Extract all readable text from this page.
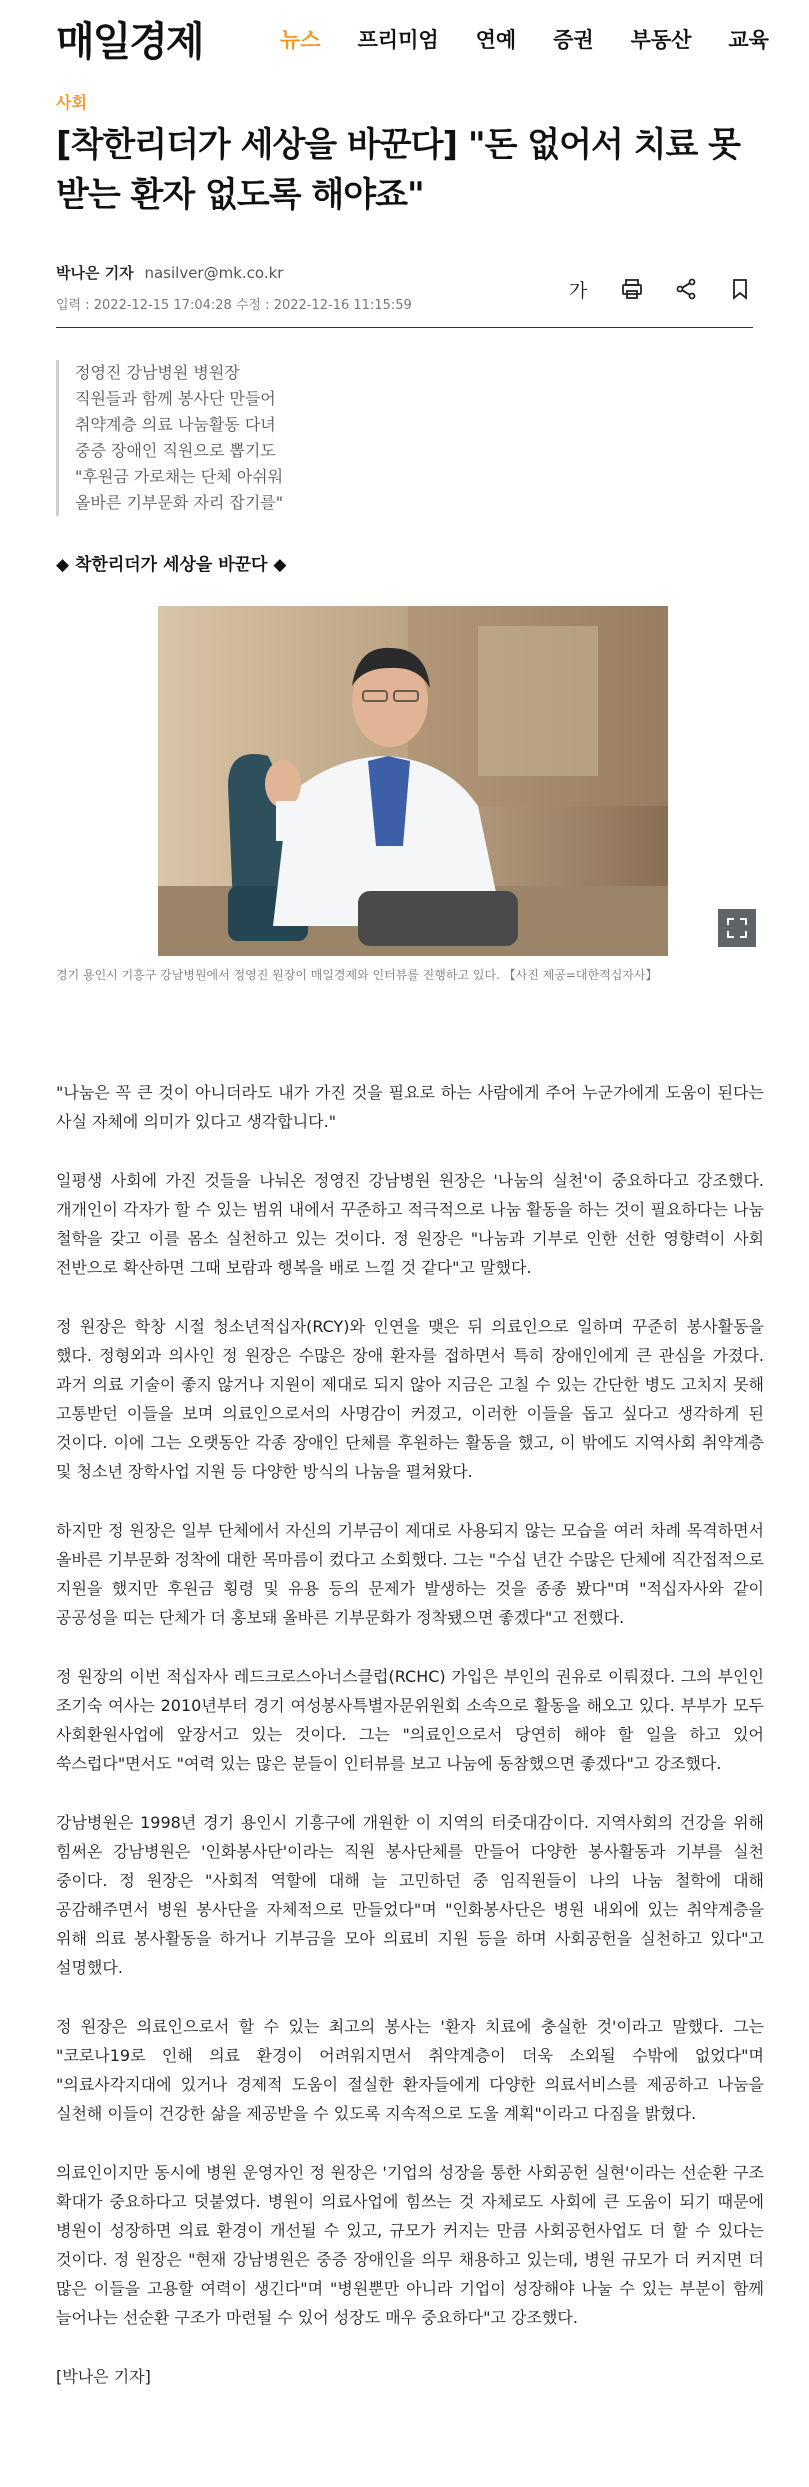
매일경제	뉴스 프리미엄 연예 증권 부동산 교육
사회
[착한리더가 세상을 바꾼다] "돈 없어서 치료 못받는 환자 없도록 해야죠"
박나은 기자 nasilver@mk.co.kr
입력 : 2022-12-15 17:04:28 수정 : 2022-12-16 11:15:59
가
정영진 강남병원 병원장
직원들과 함께 봉사단 만들어
취약계층 의료 나눔활동 다녀
중증 장애인 직원으로 뽑기도
"후원금 가로채는 단체 아쉬워
올바른 기부문화 자리 잡기를"
◆ 착한리더가 세상을 바꾼다 ◆
경기 용인시 기흥구 강남병원에서 정영진 원장이 매일경제와 인터뷰를 진행하고 있다. 【사진 제공=대한적십자사】

"나눔은 꼭 큰 것이 아니더라도 내가 가진 것을 필요로 하는 사람에게 주어 누군가에게 도움이 된다는 사실 자체에 의미가 있다고 생각합니다."

일평생 사회에 가진 것들을 나눠온 정영진 강남병원 원장은 '나눔의 실천'이 중요하다고 강조했다. 개개인이 각자가 할 수 있는 범위 내에서 꾸준하고 적극적으로 나눔 활동을 하는 것이 필요하다는 나눔 철학을 갖고 이를 몸소 실천하고 있는 것이다. 정 원장은 "나눔과 기부로 인한 선한 영향력이 사회 전반으로 확산하면 그때 보람과 행복을 배로 느낄 것 같다"고 말했다.

정 원장은 학창 시절 청소년적십자(RCY)와 인연을 맺은 뒤 의료인으로 일하며 꾸준히 봉사활동을 했다. 정형외과 의사인 정 원장은 수많은 장애 환자를 접하면서 특히 장애인에게 큰 관심을 가졌다. 과거 의료 기술이 좋지 않거나 지원이 제대로 되지 않아 지금은 고칠 수 있는 간단한 병도 고치지 못해 고통받던 이들을 보며 의료인으로서의 사명감이 커졌고, 이러한 이들을 돕고 싶다고 생각하게 된 것이다. 이에 그는 오랫동안 각종 장애인 단체를 후원하는 활동을 했고, 이 밖에도 지역사회 취약계층 및 청소년 장학사업 지원 등 다양한 방식의 나눔을 펼쳐왔다.

하지만 정 원장은 일부 단체에서 자신의 기부금이 제대로 사용되지 않는 모습을 여러 차례 목격하면서 올바른 기부문화 정착에 대한 목마름이 컸다고 소회했다. 그는 "수십 년간 수많은 단체에 직간접적으로 지원을 했지만 후원금 횡령 및 유용 등의 문제가 발생하는 것을 종종 봤다"며 "적십자사와 같이 공공성을 띠는 단체가 더 홍보돼 올바른 기부문화가 정착됐으면 좋겠다"고 전했다.

정 원장의 이번 적십자사 레드크로스아너스클럽(RCHC) 가입은 부인의 권유로 이뤄졌다. 그의 부인인 조기숙 여사는 2010년부터 경기 여성봉사특별자문위원회 소속으로 활동을 해오고 있다. 부부가 모두 사회환원사업에 앞장서고 있는 것이다. 그는 "의료인으로서 당연히 해야 할 일을 하고 있어 쑥스럽다"면서도 "여력 있는 많은 분들이 인터뷰를 보고 나눔에 동참했으면 좋겠다"고 강조했다.

강남병원은 1998년 경기 용인시 기흥구에 개원한 이 지역의 터줏대감이다. 지역사회의 건강을 위해 힘써온 강남병원은 '인화봉사단'이라는 직원 봉사단체를 만들어 다양한 봉사활동과 기부를 실천 중이다. 정 원장은 "사회적 역할에 대해 늘 고민하던 중 임직원들이 나의 나눔 철학에 대해 공감해주면서 병원 봉사단을 자체적으로 만들었다"며 "인화봉사단은 병원 내외에 있는 취약계층을 위해 의료 봉사활동을 하거나 기부금을 모아 의료비 지원 등을 하며 사회공헌을 실천하고 있다"고 설명했다.

정 원장은 의료인으로서 할 수 있는 최고의 봉사는 '환자 치료에 충실한 것'이라고 말했다. 그는 "코로나19로 인해 의료 환경이 어려워지면서 취약계층이 더욱 소외될 수밖에 없었다"며 "의료사각지대에 있거나 경제적 도움이 절실한 환자들에게 다양한 의료서비스를 제공하고 나눔을 실천해 이들이 건강한 삶을 제공받을 수 있도록 지속적으로 도울 계획"이라고 다짐을 밝혔다.

의료인이지만 동시에 병원 운영자인 정 원장은 '기업의 성장을 통한 사회공헌 실현'이라는 선순환 구조 확대가 중요하다고 덧붙였다. 병원이 의료사업에 힘쓰는 것 자체로도 사회에 큰 도움이 되기 때문에 병원이 성장하면 의료 환경이 개선될 수 있고, 규모가 커지는 만큼 사회공헌사업도 더 할 수 있다는 것이다. 정 원장은 "현재 강남병원은 중증 장애인을 의무 채용하고 있는데, 병원 규모가 더 커지면 더 많은 이들을 고용할 여력이 생긴다"며 "병원뿐만 아니라 기업이 성장해야 나눌 수 있는 부분이 함께 늘어나는 선순환 구조가 마련될 수 있어 성장도 매우 중요하다"고 강조했다.

[박나은 기자]
